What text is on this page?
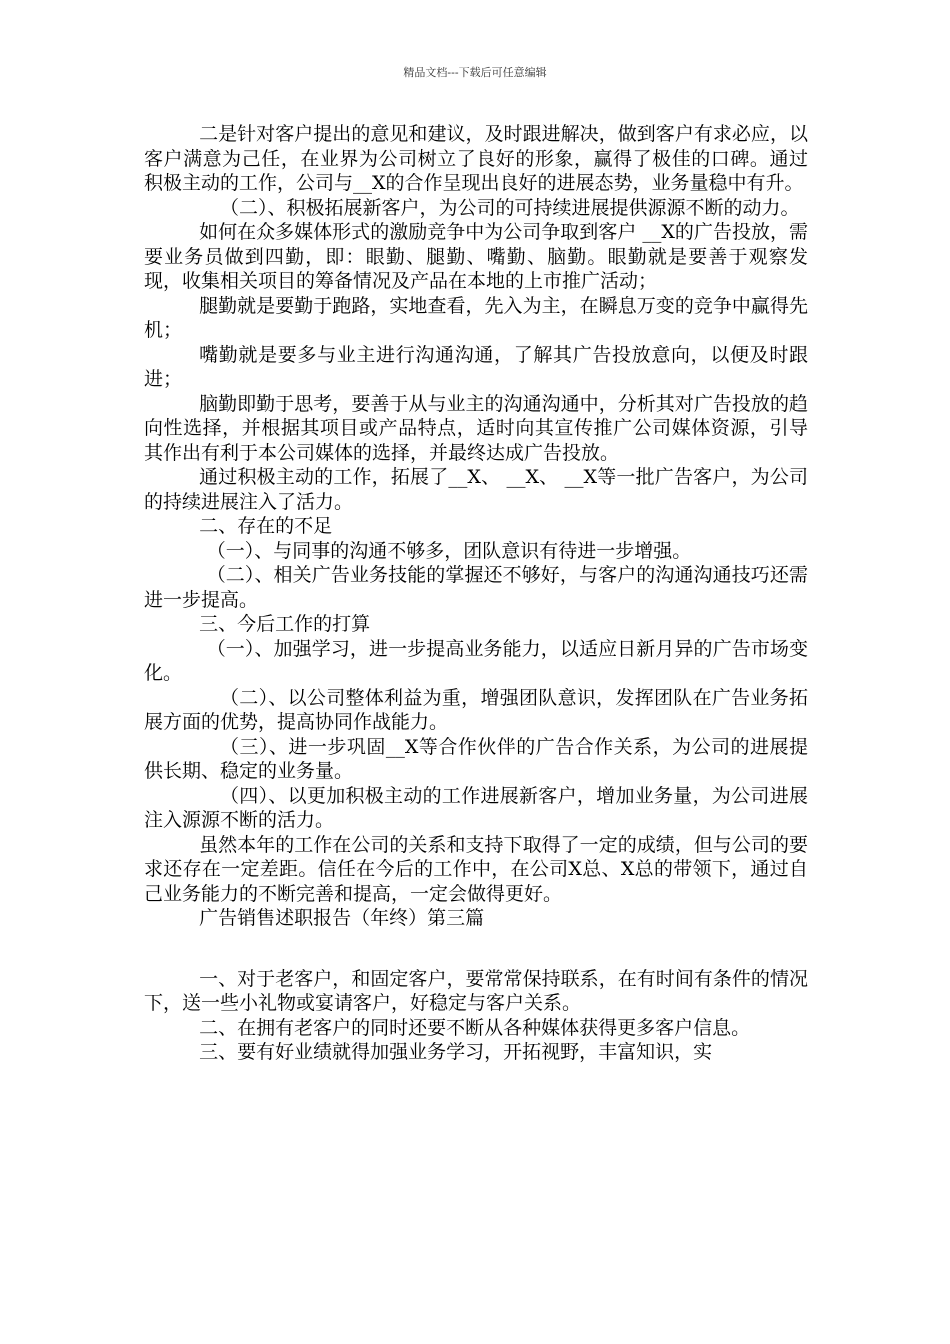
精品文档---下载后可任意编辑

二是针对客户提出的意见和建议，及时跟进解决，做到客户有求必应，以客户满意为己任，在业界为公司树立了良好的形象，赢得了极佳的口碑。通过积极主动的工作，公司与__X的合作呈现出良好的进展态势，业务量稳中有升。

（二）、积极拓展新客户，为公司的可持续进展提供源源不断的动力。

如何在众多媒体形式的激励竞争中为公司争取到客户 __X的广告投放，需要业务员做到四勤，即：眼勤、腿勤、嘴勤、脑勤。眼勤就是要善于观察发现，收集相关项目的筹备情况及产品在本地的上市推广活动；

腿勤就是要勤于跑路，实地查看，先入为主，在瞬息万变的竞争中赢得先机；

嘴勤就是要多与业主进行沟通沟通，了解其广告投放意向，以便及时跟进；

脑勤即勤于思考，要善于从与业主的沟通沟通中，分析其对广告投放的趋向性选择，并根据其项目或产品特点，适时向其宣传推广公司媒体资源，引导其作出有利于本公司媒体的选择，并最终达成广告投放。

通过积极主动的工作，拓展了__X、 __X、 __X等一批广告客户，为公司的持续进展注入了活力。

二、存在的不足

（一）、与同事的沟通不够多，团队意识有待进一步增强。

（二）、相关广告业务技能的掌握还不够好，与客户的沟通沟通技巧还需进一步提高。

三、今后工作的打算

（一）、加强学习，进一步提高业务能力，以适应日新月异的广告市场变化。

（二）、以公司整体利益为重，增强团队意识，发挥团队在广告业务拓展方面的优势，提高协同作战能力。

（三）、进一步巩固__X等合作伙伴的广告合作关系，为公司的进展提供长期、稳定的业务量。

（四）、以更加积极主动的工作进展新客户，增加业务量，为公司进展注入源源不断的活力。

虽然本年的工作在公司的关系和支持下取得了一定的成绩，但与公司的要求还存在一定差距。信任在今后的工作中，在公司X总、X总的带领下，通过自己业务能力的不断完善和提高，一定会做得更好。

广告销售述职报告（年终）第三篇

一、对于老客户，和固定客户，要常常保持联系，在有时间有条件的情况下，送一些小礼物或宴请客户，好稳定与客户关系。

二、在拥有老客户的同时还要不断从各种媒体获得更多客户信息。

三、要有好业绩就得加强业务学习，开拓视野，丰富知识，实
